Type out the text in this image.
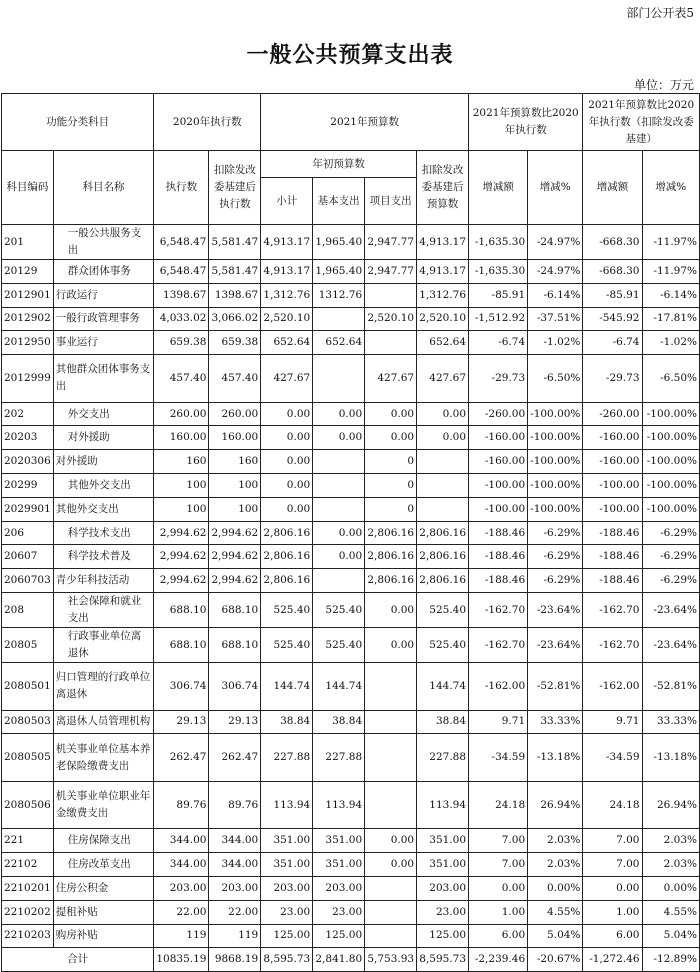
部门公开表5
一般公共预算支出表
单位：万元
功能分类科目		2020年执行数		2021年预算数				2021年预算数比2020年执行数		2021年预算数比2020年执行数（扣除发改委基建）	
科目编码	科目名称	执行数	扣除发改委基建后执行数	年初预算数			扣除发改委基建后预算数	增减额	增减%	增减额	增减%
				小计	基本支出	项目支出					
201	一般公共服务支出	6,548.47	5,581.47	4,913.17	1,965.40	2,947.77	4,913.17	-1,635.30	-24.97%	-668.30	-11.97%
20129	群众团体事务	6,548.47	5,581.47	4,913.17	1,965.40	2,947.77	4,913.17	-1,635.30	-24.97%	-668.30	-11.97%
2012901	行政运行	1398.67	1398.67	1,312.76	1312.76		1,312.76	-85.91	-6.14%	-85.91	-6.14%
2012902	一般行政管理事务	4,033.02	3,066.02	2,520.10		2,520.10	2,520.10	-1,512.92	-37.51%	-545.92	-17.81%
2012950	事业运行	659.38	659.38	652.64	652.64		652.64	-6.74	-1.02%	-6.74	-1.02%
2012999	其他群众团体事务支出	457.40	457.40	427.67		427.67	427.67	-29.73	-6.50%	-29.73	-6.50%
202	外交支出	260.00	260.00	0.00	0.00	0.00	0.00	-260.00	-100.00%	-260.00	-100.00%
20203	对外援助	160.00	160.00	0.00	0.00	0.00	0.00	-160.00	-100.00%	-160.00	-100.00%
2020306	对外援助	160	160	0.00		0		-160.00	-100.00%	-160.00	-100.00%
20299	其他外交支出	100	100	0.00		0		-100.00	-100.00%	-100.00	-100.00%
2029901	其他外交支出	100	100	0.00		0		-100.00	-100.00%	-100.00	-100.00%
206	科学技术支出	2,994.62	2,994.62	2,806.16	0.00	2,806.16	2,806.16	-188.46	-6.29%	-188.46	-6.29%
20607	科学技术普及	2,994.62	2,994.62	2,806.16	0.00	2,806.16	2,806.16	-188.46	-6.29%	-188.46	-6.29%
2060703	青少年科技活动	2,994.62	2,994.62	2,806.16		2,806.16	2,806.16	-188.46	-6.29%	-188.46	-6.29%
208	社会保障和就业支出	688.10	688.10	525.40	525.40	0.00	525.40	-162.70	-23.64%	-162.70	-23.64%
20805	行政事业单位离退休	688.10	688.10	525.40	525.40	0.00	525.40	-162.70	-23.64%	-162.70	-23.64%
2080501	归口管理的行政单位离退休	306.74	306.74	144.74	144.74		144.74	-162.00	-52.81%	-162.00	-52.81%
2080503	离退休人员管理机构	29.13	29.13	38.84	38.84		38.84	9.71	33.33%	9.71	33.33%
2080505	机关事业单位基本养老保险缴费支出	262.47	262.47	227.88	227.88		227.88	-34.59	-13.18%	-34.59	-13.18%
2080506	机关事业单位职业年金缴费支出	89.76	89.76	113.94	113.94		113.94	24.18	26.94%	24.18	26.94%
221	住房保障支出	344.00	344.00	351.00	351.00	0.00	351.00	7.00	2.03%	7.00	2.03%
22102	住房改革支出	344.00	344.00	351.00	351.00	0.00	351.00	7.00	2.03%	7.00	2.03%
2210201	住房公积金	203.00	203.00	203.00	203.00		203.00	0.00	0.00%	0.00	0.00%
2210202	提租补贴	22.00	22.00	23.00	23.00		23.00	1.00	4.55%	1.00	4.55%
2210203	购房补贴	119	119	125.00	125.00		125.00	6.00	5.04%	6.00	5.04%
合计		10835.19	9868.19	8,595.73	2,841.80	5,753.93	8,595.73	-2,239.46	-20.67%	-1,272.46	-12.89%
